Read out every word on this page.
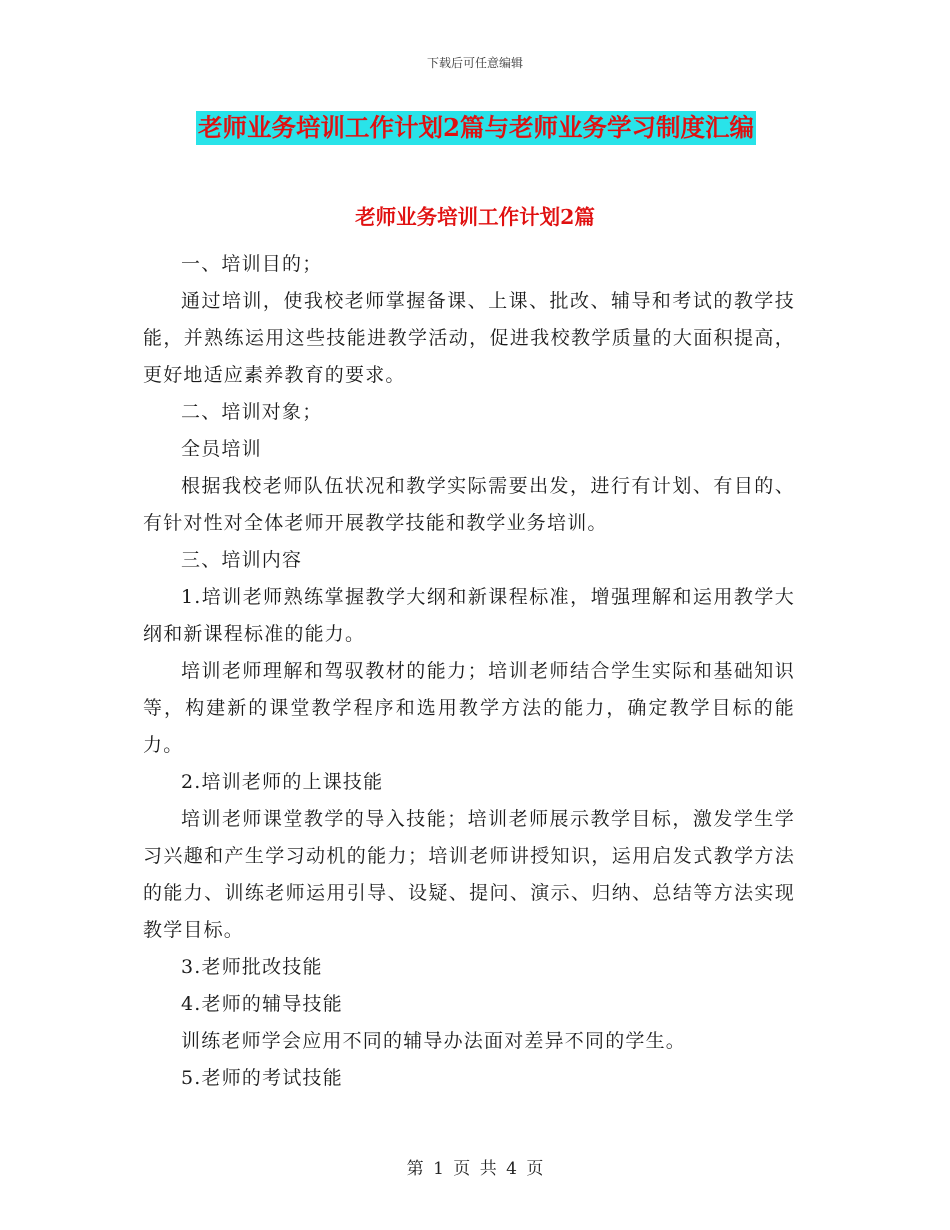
下载后可任意编辑
老师业务培训工作计划2篇与老师业务学习制度汇编
老师业务培训工作计划2篇

一、培训目的；

通过培训，使我校老师掌握备课、上课、批改、辅导和考试的教学技能，并熟练运用这些技能进教学活动，促进我校教学质量的大面积提高，更好地适应素养教育的要求。

二、培训对象；

全员培训

根据我校老师队伍状况和教学实际需要出发，进行有计划、有目的、有针对性对全体老师开展教学技能和教学业务培训。

三、培训内容

1.培训老师熟练掌握教学大纲和新课程标准，增强理解和运用教学大纲和新课程标准的能力。

培训老师理解和驾驭教材的能力；培训老师结合学生实际和基础知识等，构建新的课堂教学程序和选用教学方法的能力，确定教学目标的能力。

2.培训老师的上课技能

培训老师课堂教学的导入技能；培训老师展示教学目标，激发学生学习兴趣和产生学习动机的能力；培训老师讲授知识，运用启发式教学方法的能力、训练老师运用引导、设疑、提问、演示、归纳、总结等方法实现教学目标。

3.老师批改技能

4.老师的辅导技能

训练老师学会应用不同的辅导办法面对差异不同的学生。

5.老师的考试技能

第 1 页 共 4 页
